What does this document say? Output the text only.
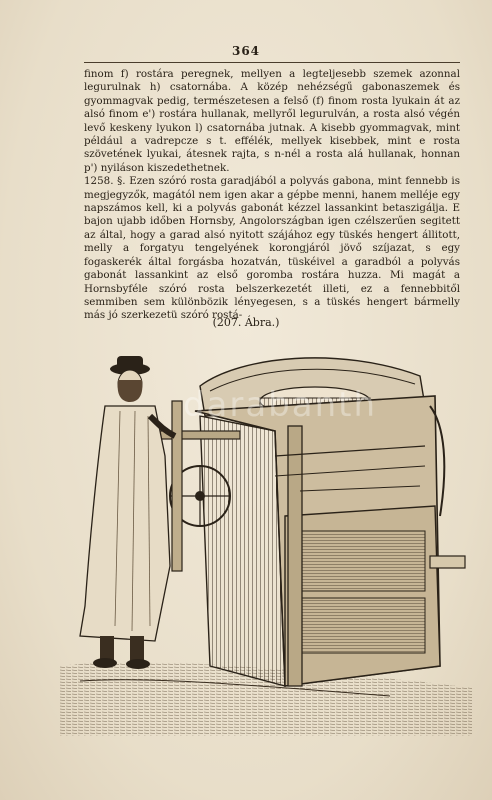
364

finom f) rostára peregnek, mellyen a legteljesebb szemek azonnal legurulnak h) csatornába. A közép nehézségű gabonaszemek és gyommagvak pedig, természetesen a felső (f) finom rosta lyukain át az alsó finom e') rostára hullanak, mellyről legurulván, a rosta alsó végén levő keskeny lyukon l) csatornába jutnak. A kisebb gyommagvak, mint például a vadrepcze s t. effélék, mellyek kisebbek, mint e rosta szövetének lyukai, átesnek rajta, s n-nél a rosta alá hullanak, honnan p') nyiláson kiszedethetnek.

1258. §. Ezen szóró rosta garadjából a polyvás gabona, mint fennebb is megjegyzők, magától nem igen akar a gépbe menni, hanem melléje egy napszámos kell, ki a polyvás gabonát kézzel lassankint betaszigálja. E bajon ujabb időben Hornsby, Angolországban igen czélszerűen segitett az által, hogy a garad alsó nyitott szájához egy tüskés hengert állitott, melly a forgatyu tengelyének korongjáról jövő szíjazat, s egy fogaskerék által forgásba hozatván, tüskéivel a garadból a polyvás gabonát lassankint az első goromba rostára huzza. Mi magát a Hornsbyféle szóró rosta belszerkezetét illeti, ez a fennebbitől semmiben sem különbözik lényegesen, s a tüskés hengert bármelly más jó szerkezetü szóró rostá-

(207. Ábra.)
darabanth
